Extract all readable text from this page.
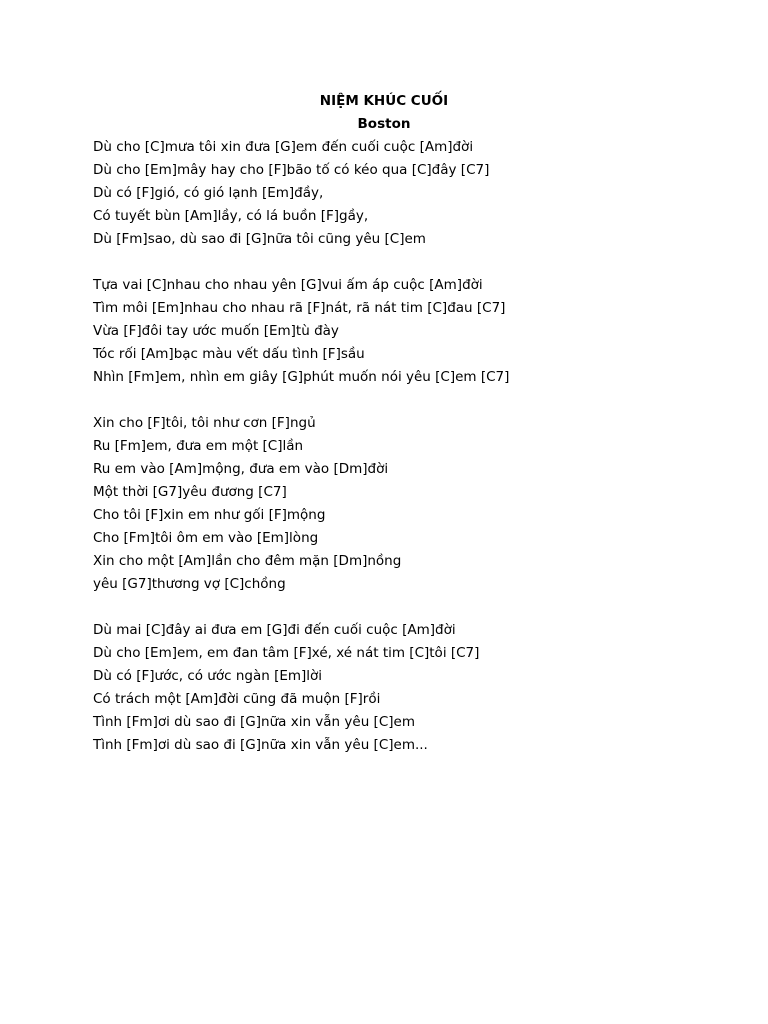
NIỆM KHÚC CUỐI
Boston
Dù cho [C]mưa tôi xin đưa [G]em đến cuối cuộc [Am]đời
Dù cho [Em]mây hay cho [F]bão tố có kéo qua [C]đây [C7]
Dù có [F]gió, có gió lạnh [Em]đầy,
Có tuyết bùn [Am]lầy, có lá buồn [F]gầy,
Dù [Fm]sao, dù sao đi [G]nữa tôi cũng yêu [C]em
Tựa vai [C]nhau cho nhau yên [G]vui ấm áp cuộc [Am]đời
Tìm môi [Em]nhau cho nhau rã [F]nát, rã nát tim [C]đau [C7]
Vừa [F]đôi tay ước muốn [Em]tù đày
Tóc rối [Am]bạc màu vết dấu tình [F]sầu
Nhìn [Fm]em, nhìn em giây [G]phút muốn nói yêu [C]em [C7]
Xin cho [F]tôi, tôi như cơn [F]ngủ
Ru [Fm]em, đưa em một [C]lần
Ru em vào [Am]mộng, đưa em vào [Dm]đời
Một thời [G7]yêu đương [C7]
Cho tôi [F]xin em như gối [F]mộng
Cho [Fm]tôi ôm em vào [Em]lòng
Xin cho một [Am]lần cho đêm mặn [Dm]nồng
yêu [G7]thương vợ [C]chồng
Dù mai [C]đây ai đưa em [G]đi đến cuối cuộc [Am]đời
Dù cho [Em]em, em đan tâm [F]xé, xé nát tim [C]tôi [C7]
Dù có [F]ước, có ước ngàn [Em]lời
Có trách một [Am]đời cũng đã muộn [F]rồi
Tình [Fm]ơi dù sao đi [G]nữa xin vẫn yêu [C]em
Tình [Fm]ơi dù sao đi [G]nữa xin vẫn yêu [C]em...
